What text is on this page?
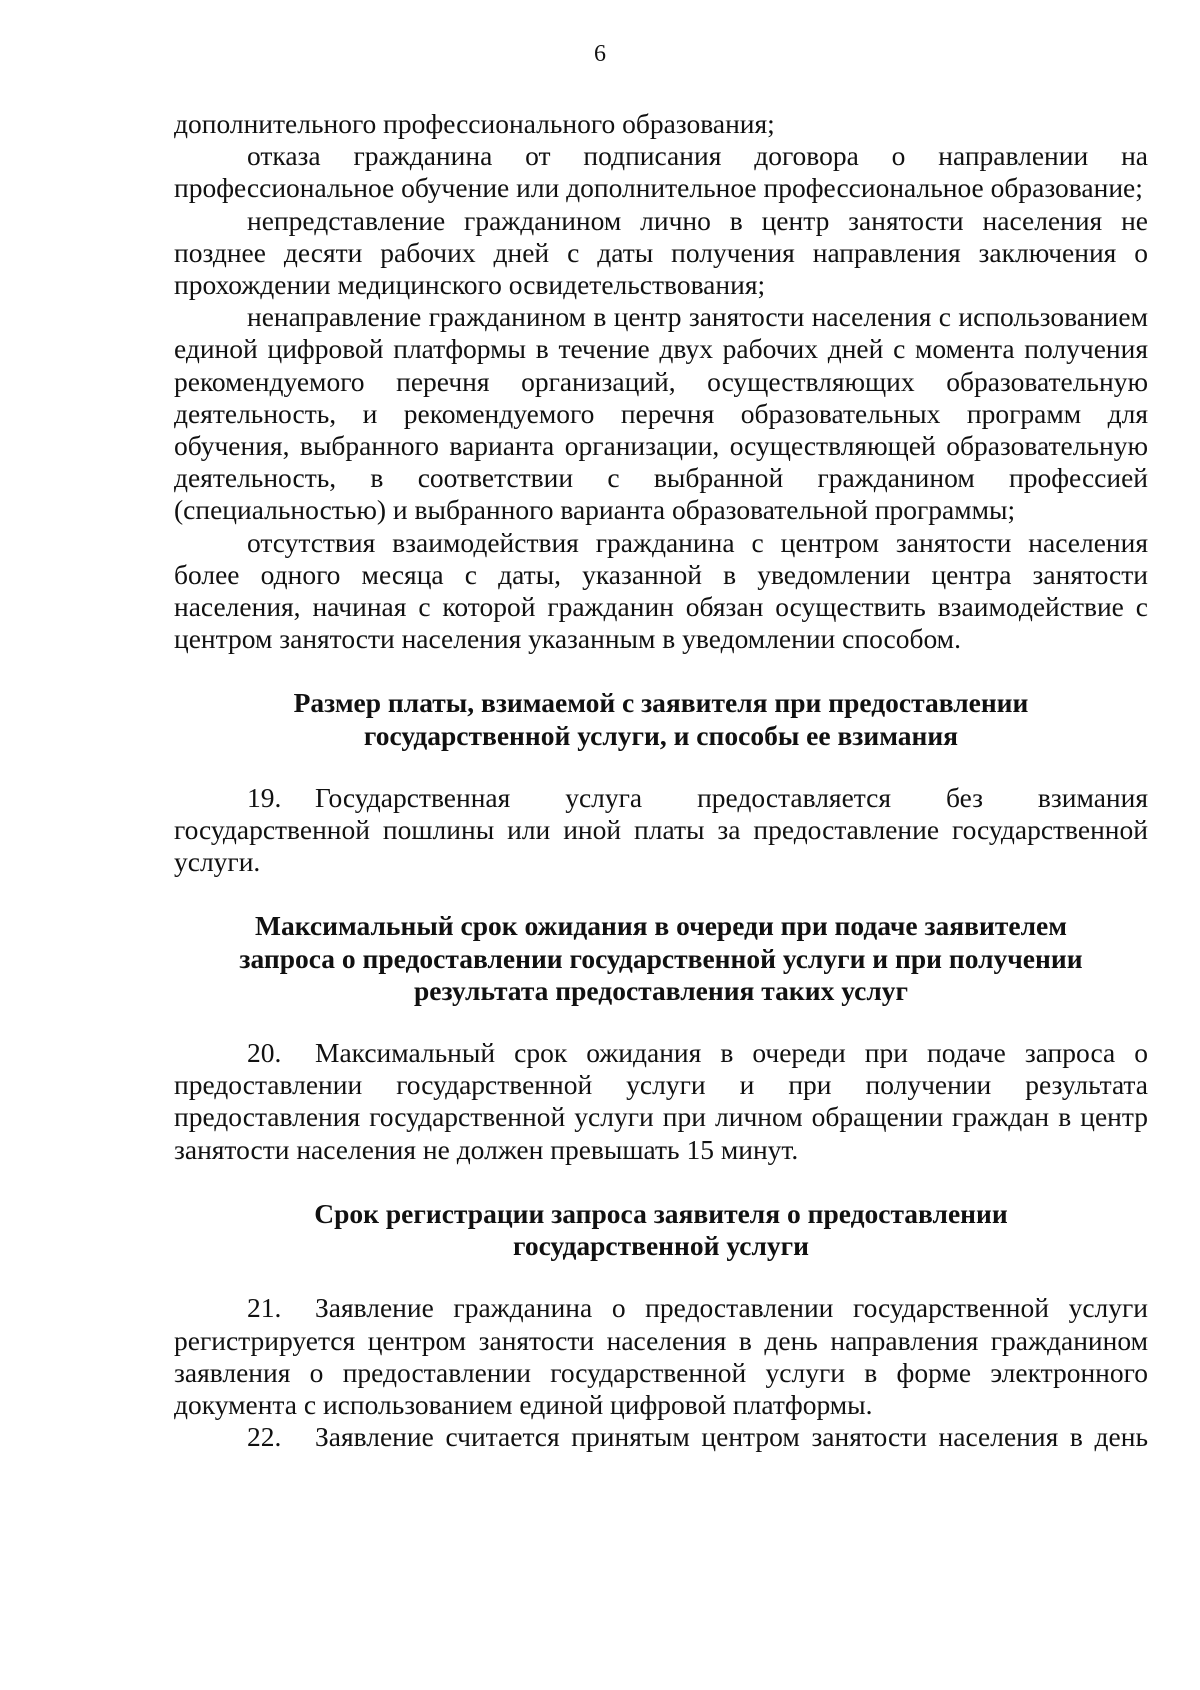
6

дополнительного профессионального образования;

отказа гражданина от подписания договора о направлении на профессиональное обучение или дополнительное профессиональное образование;

непредставление гражданином лично в центр занятости населения не позднее десяти рабочих дней с даты получения направления заключения о прохождении медицинского освидетельствования;

ненаправление гражданином в центр занятости населения с использованием единой цифровой платформы в течение двух рабочих дней с момента получения рекомендуемого перечня организаций, осуществляющих образовательную деятельность, и рекомендуемого перечня образовательных программ для обучения, выбранного варианта организации, осуществляющей образовательную деятельность, в соответствии с выбранной гражданином профессией (специальностью) и выбранного варианта образовательной программы;

отсутствия взаимодействия гражданина с центром занятости населения более одного месяца с даты, указанной в уведомлении центра занятости населения, начиная с которой гражданин обязан осуществить взаимодействие с центром занятости населения указанным в уведомлении способом.

Размер платы, взимаемой с заявителя при предоставлении
государственной услуги, и способы ее взимания

19. Государственная услуга предоставляется без взимания государственной пошлины или иной платы за предоставление государственной услуги.

Максимальный срок ожидания в очереди при подаче заявителем
запроса о предоставлении государственной услуги и при получении
результата предоставления таких услуг

20. Максимальный срок ожидания в очереди при подаче запроса о предоставлении государственной услуги и при получении результата предоставления государственной услуги при личном обращении граждан в центр занятости населения не должен превышать 15 минут.

Срок регистрации запроса заявителя о предоставлении
государственной услуги

21. Заявление гражданина о предоставлении государственной услуги регистрируется центром занятости населения в день направления гражданином заявления о предоставлении государственной услуги в форме электронного документа с использованием единой цифровой платформы.

22. Заявление считается принятым центром занятости населения в день
